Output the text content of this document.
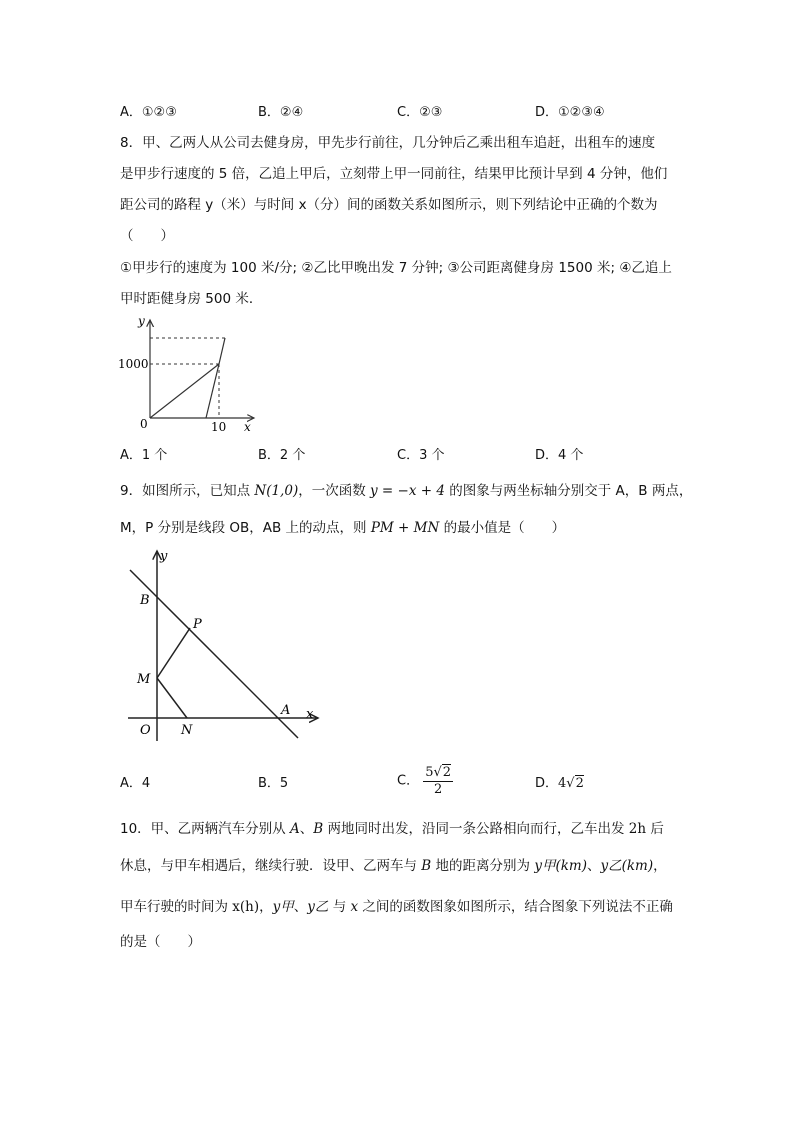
A．①②③	B．②④	C．②③	D．①②③④
8．甲、乙两人从公司去健身房，甲先步行前往，几分钟后乙乘出租车追赶，出租车的速度
是甲步行速度的 5 倍，乙追上甲后，立刻带上甲一同前往，结果甲比预计早到 4 分钟，他们
距公司的路程 y（米）与时间 x（分）间的函数关系如图所示，则下列结论中正确的个数为
（　　）
①甲步行的速度为 100 米/分; ②乙比甲晚出发 7 分钟; ③公司距离健身房 1500 米; ④乙追上
甲时距健身房 500 米．
y
x
1000
10
0
A．1 个	B．2 个	C．3 个	D．4 个
9．如图所示，已知点 N(1,0)，一次函数 y = −x + 4 的图象与两坐标轴分别交于 A，B 两点，
M，P 分别是线段 OB，AB 上的动点，则 PM + MN 的最小值是（　　）
y
x
B
P
M
O N
A
A．4	B．5	C． $\frac{5√2}{2}$	D．4√2
10．甲、乙两辆汽车分别从 A、B 两地同时出发，沿同一条公路相向而行，乙车出发 2h 后
休息，与甲车相遇后，继续行驶．设甲、乙两车与 B 地的距离分别为 y甲(km)、y乙(km)，
甲车行驶的时间为 x(h)，y甲、y乙 与 x 之间的函数图象如图所示，结合图象下列说法不正确
的是（　　）
